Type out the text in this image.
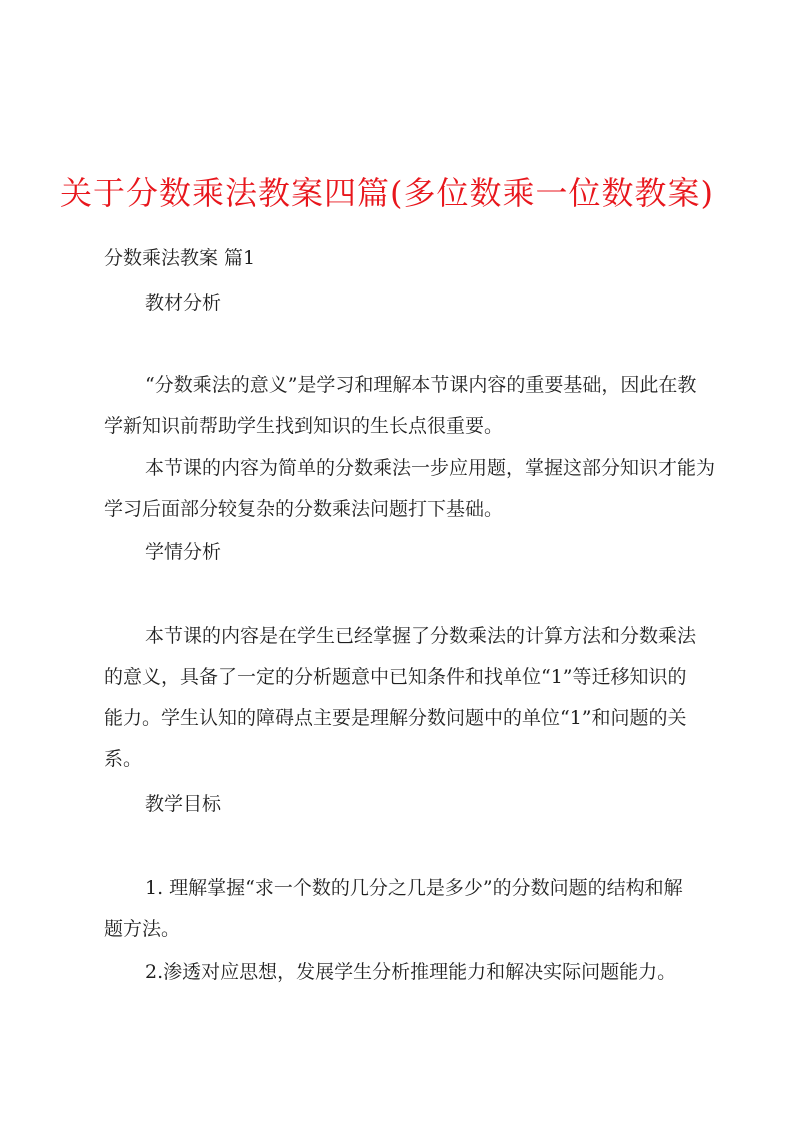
关于分数乘法教案四篇(多位数乘一位数教案)

分数乘法教案 篇1

教材分析

“分数乘法的意义”是学习和理解本节课内容的重要基础，因此在教

学新知识前帮助学生找到知识的生长点很重要。

本节课的内容为简单的分数乘法一步应用题，掌握这部分知识才能为

学习后面部分较复杂的分数乘法问题打下基础。

学情分析

本节课的内容是在学生已经掌握了分数乘法的计算方法和分数乘法

的意义，具备了一定的分析题意中已知条件和找单位“1”等迁移知识的

能力。学生认知的障碍点主要是理解分数问题中的单位“1”和问题的关

系。

教学目标

1. 理解掌握“求一个数的几分之几是多少”的分数问题的结构和解

题方法。

2.渗透对应思想，发展学生分析推理能力和解决实际问题能力。
